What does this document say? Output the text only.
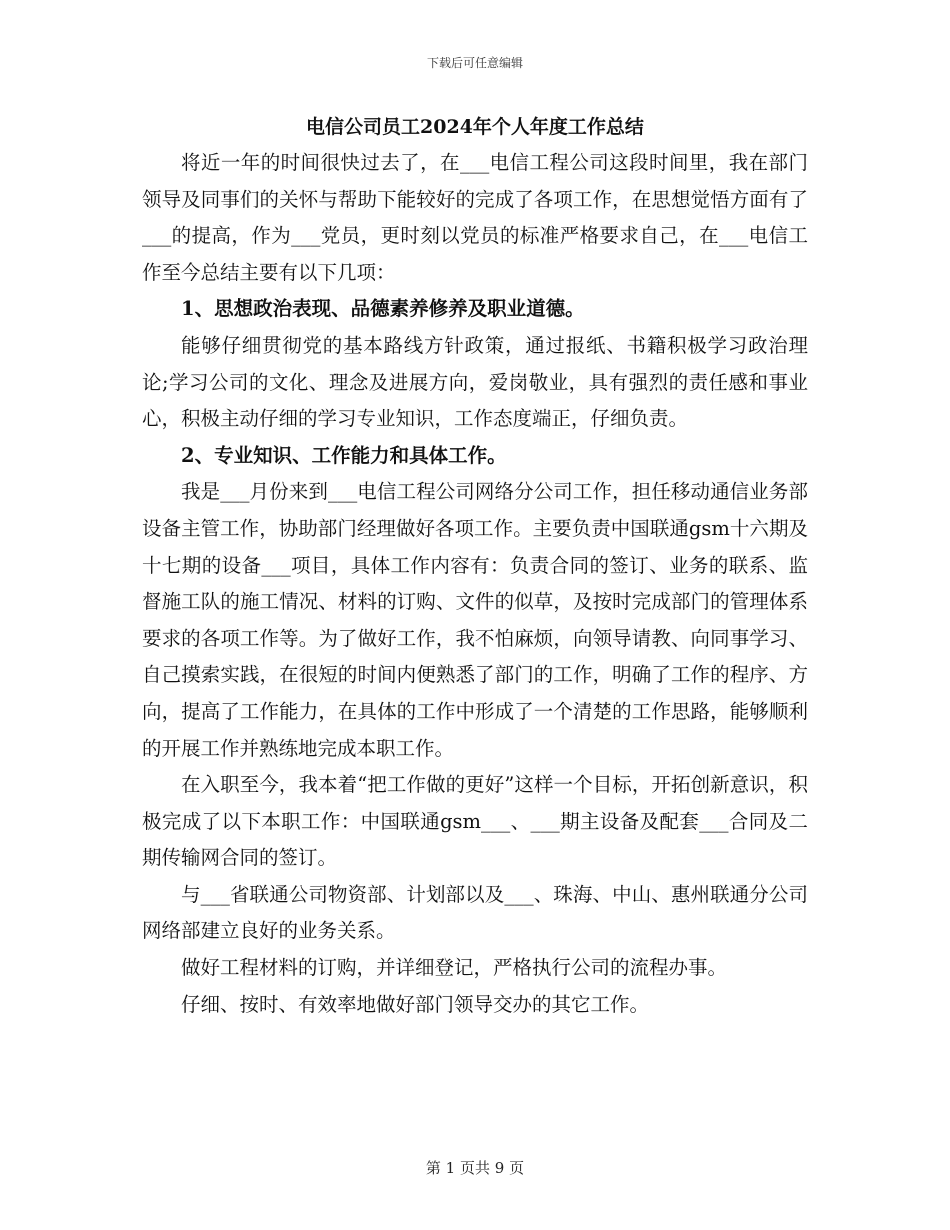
下载后可任意编辑
电信公司员工2024年个人年度工作总结

将近一年的时间很快过去了，在___电信工程公司这段时间里，我在部门领导及同事们的关怀与帮助下能较好的完成了各项工作，在思想觉悟方面有了___的提高，作为___党员，更时刻以党员的标准严格要求自己，在___电信工作至今总结主要有以下几项：

1、思想政治表现、品德素养修养及职业道德。

能够仔细贯彻党的基本路线方针政策，通过报纸、书籍积极学习政治理论;学习公司的文化、理念及进展方向，爱岗敬业，具有强烈的责任感和事业心，积极主动仔细的学习专业知识，工作态度端正，仔细负责。

2、专业知识、工作能力和具体工作。

我是___月份来到___电信工程公司网络分公司工作，担任移动通信业务部设备主管工作，协助部门经理做好各项工作。主要负责中国联通gsm十六期及十七期的设备___项目，具体工作内容有：负责合同的签订、业务的联系、监督施工队的施工情况、材料的订购、文件的似草，及按时完成部门的管理体系要求的各项工作等。为了做好工作，我不怕麻烦，向领导请教、向同事学习、自己摸索实践，在很短的时间内便熟悉了部门的工作，明确了工作的程序、方向，提高了工作能力，在具体的工作中形成了一个清楚的工作思路，能够顺利的开展工作并熟练地完成本职工作。

在入职至今，我本着“把工作做的更好”这样一个目标，开拓创新意识，积极完成了以下本职工作：中国联通gsm___、___期主设备及配套___合同及二期传输网合同的签订。

与___省联通公司物资部、计划部以及___、珠海、中山、惠州联通分公司网络部建立良好的业务关系。

做好工程材料的订购，并详细登记，严格执行公司的流程办事。

仔细、按时、有效率地做好部门领导交办的其它工作。

第 1 页共 9 页
